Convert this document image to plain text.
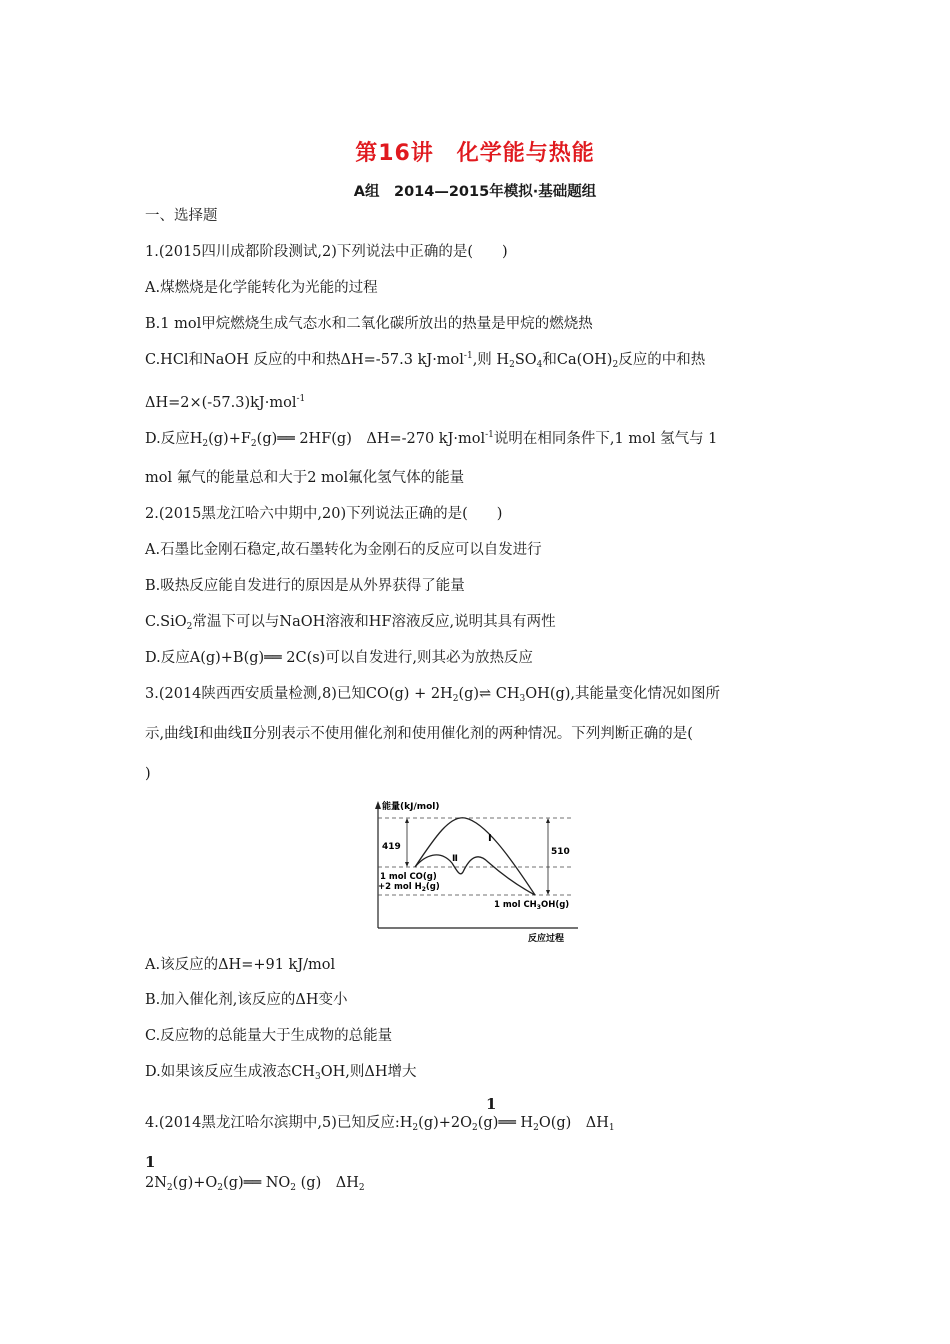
第16讲　化学能与热能
A组　2014—2015年模拟·基础题组
一、选择题
1.(2015四川成都阶段测试,2)下列说法中正确的是(　　)
A.煤燃烧是化学能转化为光能的过程
B.1 mol甲烷燃烧生成气态水和二氧化碳所放出的热量是甲烷的燃烧热
C.HCl和NaOH 反应的中和热ΔH=-57.3 kJ·mol$^{-1}$,则 $H_2SO_4$和$Ca(OH)_2$反应的中和热
ΔH=2×(-57.3)kJ·mol$^{-1}$
D.反应$H_2(g)+F_2(g)══$ 2HF(g)　ΔH=-270 kJ·mol$^{-1}$说明在相同条件下,1 mol 氢气与 1
mol 氟气的能量总和大于2 mol氟化氢气体的能量
2.(2015黑龙江哈六中期中,20)下列说法正确的是(　　)
A.石墨比金刚石稳定,故石墨转化为金刚石的反应可以自发进行
B.吸热反应能自发进行的原因是从外界获得了能量
C.SiO$_2$常温下可以与NaOH溶液和HF溶液反应,说明其具有两性
D.反应A(g)+B(g)══ 2C(s)可以自发进行,则其必为放热反应
3.(2014陕西西安质量检测,8)已知$CO(g) + 2H_2(g)\rightleftharpoons$ $CH_3OH(g)$,其能量变化情况如图所
示,曲线Ⅰ和曲线Ⅱ分别表示不使用催化剂和使用催化剂的两种情况。下列判断正确的是(
)
能量(kJ/mol)
反应过程
419	510
Ⅰ
Ⅱ
1 mol CO(g)
+2 mol $H_2(g)$
1 mol $CH_3OH(g)$
A.该反应的ΔH=+91 kJ/mol
B.加入催化剂,该反应的ΔH变小
C.反应物的总能量大于生成物的总能量
D.如果该反应生成液态$CH_3OH$,则ΔH增大
1
4.(2014黑龙江哈尔滨期中,5)已知反应$:H_2(g)+2O_2(g)══$ $H_2O(g)$　$\Delta H_1$
1
$2N_2(g)+O_2(g)══$ $NO_2$ (g)　$\Delta H_2$
